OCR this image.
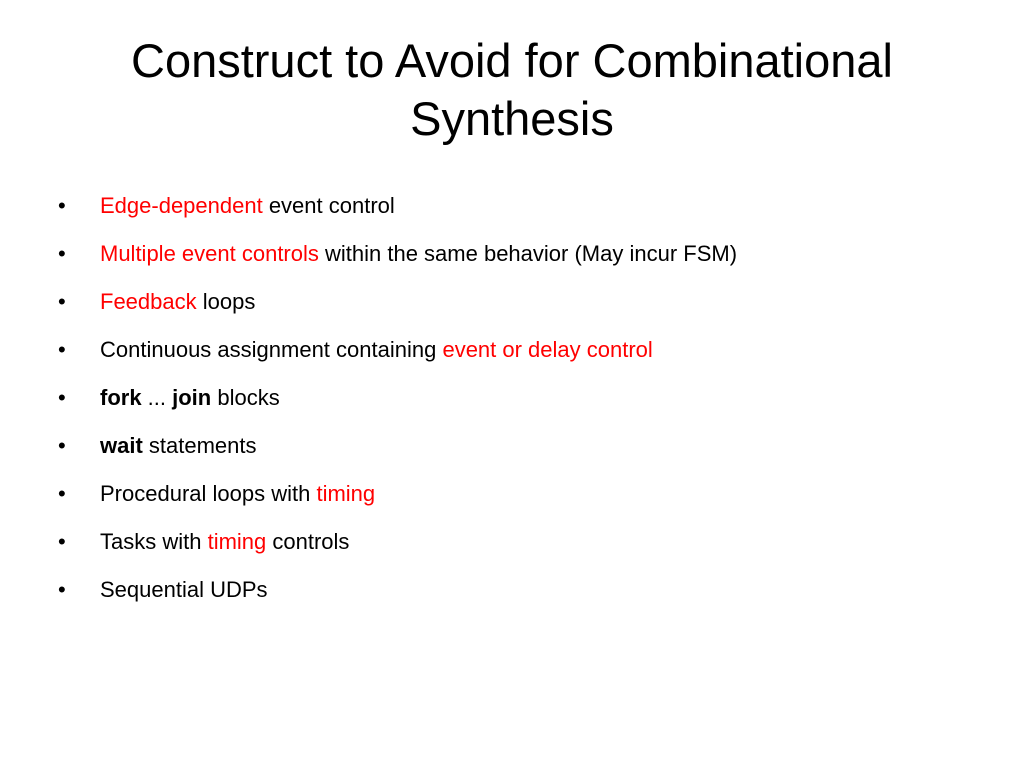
Construct to Avoid for Combinational
Synthesis
• Edge-dependent event control
• Multiple event controls within the same behavior (May incur FSM)
• Feedback loops
• Continuous assignment containing event or delay control
• fork ... join blocks
• wait statements
• Procedural loops with timing
• Tasks with timing controls
• Sequential UDPs
